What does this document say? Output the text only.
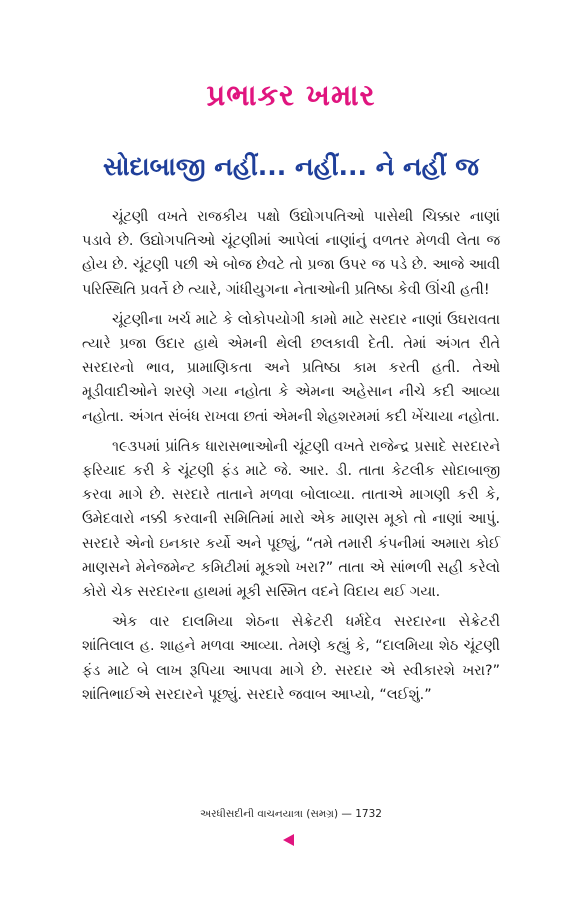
પ્રભાકર ખમાર
સોદાબાજી નહીં... નહીં... ને નહીં જ

ચૂંટણી વખતે રાજકીય પક્ષો ઉદ્યોગપતિઓ પાસેથી ચિક્કાર નાણાં પડાવે છે. ઉદ્યોગપતિઓ ચૂંટણીમાં આપેલાં નાણાંનું વળતર મેળવી લેતા જ હોય છે. ચૂંટણી પછી એ બોજ છેવટે તો પ્રજા ઉપર જ પડે છે. આજે આવી પરિસ્થિતિ પ્રવર્તે છે ત્યારે, ગાંધીયુગના નેતાઓની પ્રતિષ્ઠા કેવી ઊંચી હતી!

ચૂંટણીના ખર્ચ માટે કે લોકોપયોગી કામો માટે સરદાર નાણાં ઉઘરાવતા ત્યારે પ્રજા ઉદાર હાથે એમની થેલી છલકાવી દેતી. તેમાં અંગત રીતે સરદારનો ભાવ, પ્રામાણિકતા અને પ્રતિષ્ઠા કામ કરતી હતી. તેઓ મૂડીવાદીઓને શરણે ગયા નહોતા કે એમના અહેસાન નીચે કદી આવ્યા નહોતા. અંગત સંબંધ રાખવા છતાં એમની શેહશરમમાં કદી ખેંચાયા નહોતા.

૧૯૩૫માં પ્રાંતિક ધારાસભાઓની ચૂંટણી વખતે રાજેન્દ્ર પ્રસાદે સરદારને ફરિયાદ કરી કે ચૂંટણી ફંડ માટે જે. આર. ડી. તાતા કેટલીક સોદાબાજી કરવા માગે છે. સરદારે તાતાને મળવા બોલાવ્યા. તાતાએ માગણી કરી કે, ઉમેદવારો નક્કી કરવાની સમિતિમાં મારો એક માણસ મૂકો તો નાણાં આપું. સરદારે એનો ઇનકાર કર્યો અને પૂછ્યું, “તમે તમારી કંપનીમાં અમારા કોઈ માણસને મેનેજમેન્ટ કમિટીમાં મૂકશો ખરા?” તાતા એ સાંભળી સહી કરેલો કોરો ચેક સરદારના હાથમાં મૂકી સસ્મિત વદને વિદાય થઈ ગયા.

એક વાર દાલમિયા શેઠના સેક્રેટરી ધર્મદેવ સરદારના સેક્રેટરી શાંતિલાલ હ. શાહને મળવા આવ્યા. તેમણે કહ્યું કે, “દાલમિયા શેઠ ચૂંટણી ફંડ માટે બે લાખ રૂપિયા આપવા માગે છે. સરદાર એ સ્વીકારશે ખરા?” શાંતિભાઈએ સરદારને પૂછ્યું. સરદારે જવાબ આપ્યો, “લઈશું.”

અરધીસદીની વાચનયાત્રા (સમગ્ર) — 1732
